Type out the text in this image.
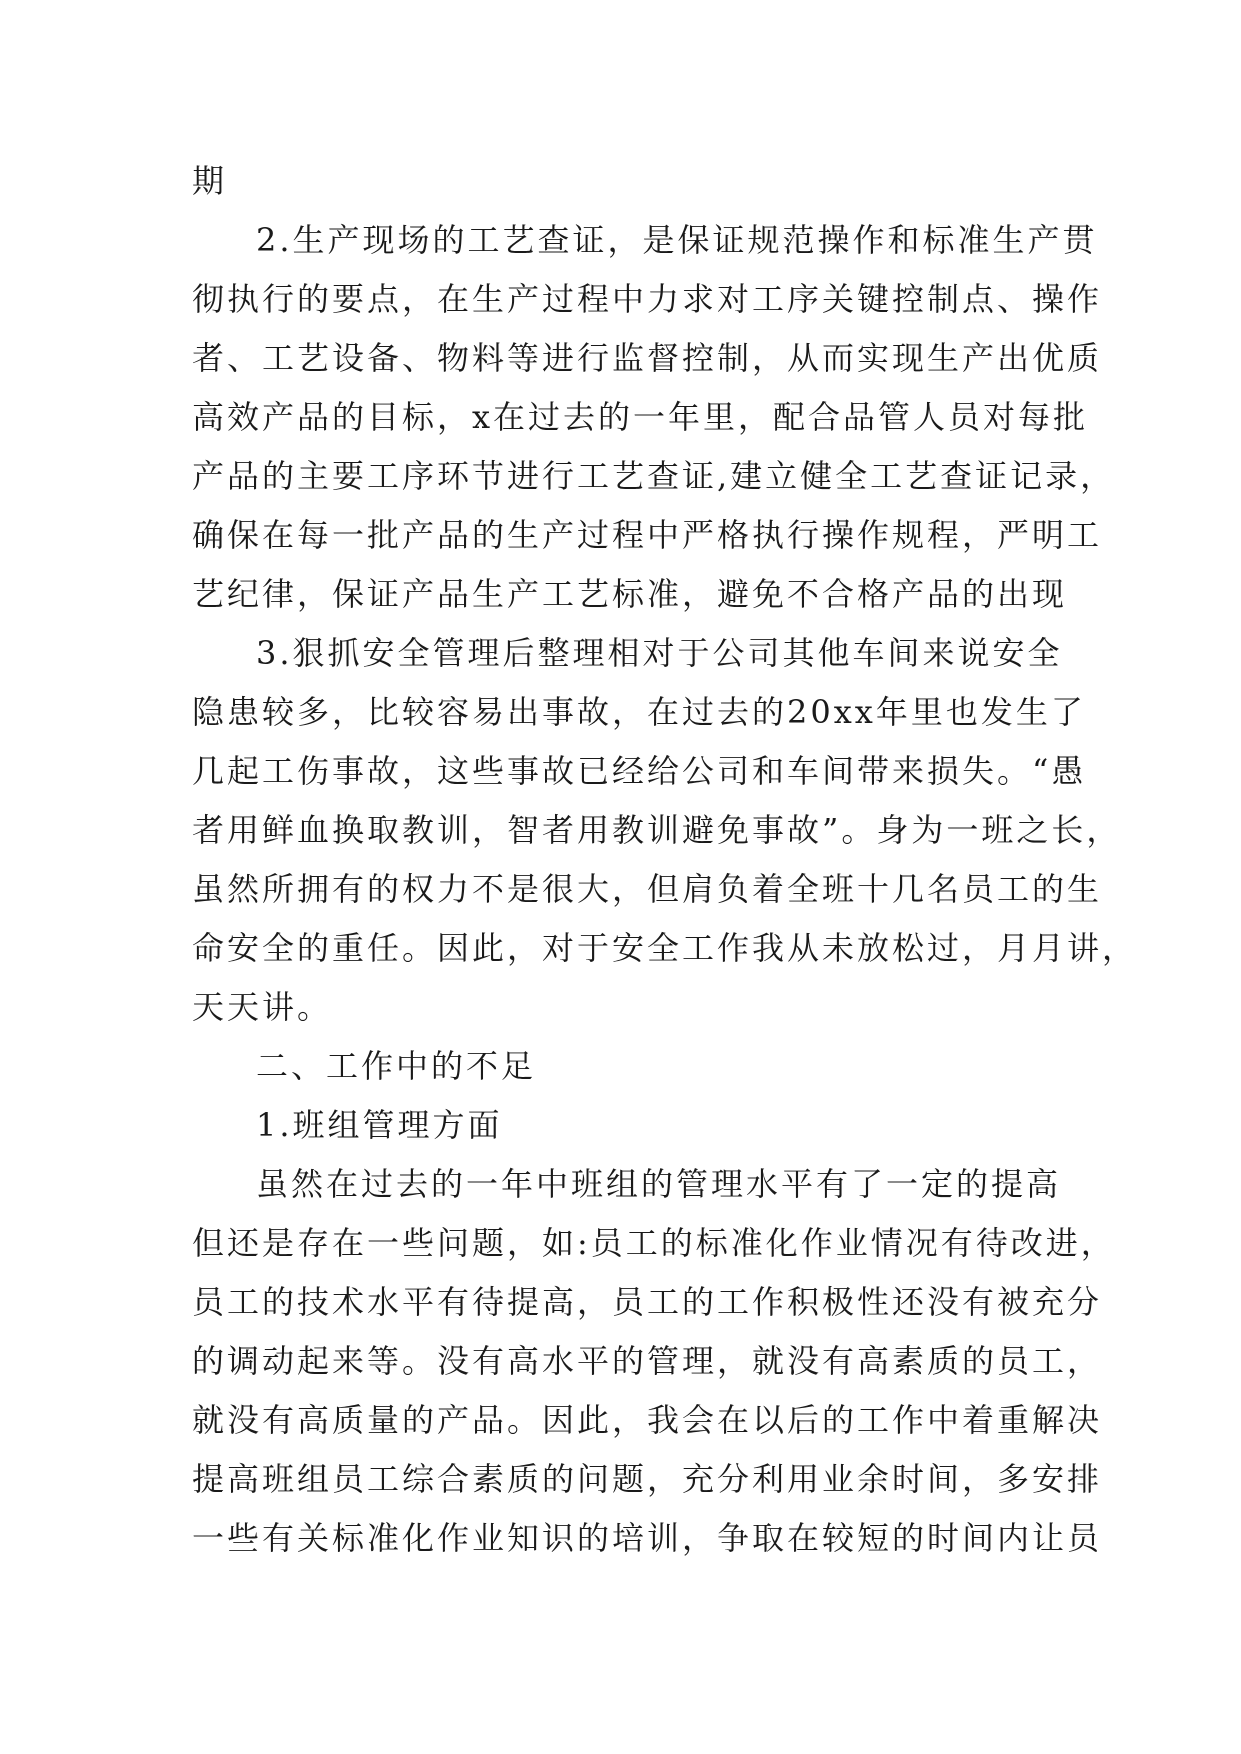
期
2.生产现场的工艺查证，是保证规范操作和标准生产贯
彻执行的要点，在生产过程中力求对工序关键控制点、操作
者、工艺设备、物料等进行监督控制，从而实现生产出优质
高效产品的目标，x在过去的一年里，配合品管人员对每批
产品的主要工序环节进行工艺查证,建立健全工艺查证记录，
确保在每一批产品的生产过程中严格执行操作规程，严明工
艺纪律，保证产品生产工艺标准，避免不合格产品的出现
3.狠抓安全管理后整理相对于公司其他车间来说安全
隐患较多，比较容易出事故，在过去的20xx年里也发生了
几起工伤事故，这些事故已经给公司和车间带来损失。“愚
者用鲜血换取教训，智者用教训避免事故”。身为一班之长，
虽然所拥有的权力不是很大，但肩负着全班十几名员工的生
命安全的重任。因此，对于安全工作我从未放松过，月月讲，
天天讲。
二、工作中的不足
1.班组管理方面
虽然在过去的一年中班组的管理水平有了一定的提高
但还是存在一些问题，如:员工的标准化作业情况有待改进，
员工的技术水平有待提高，员工的工作积极性还没有被充分
的调动起来等。没有高水平的管理，就没有高素质的员工，
就没有高质量的产品。因此，我会在以后的工作中着重解决
提高班组员工综合素质的问题，充分利用业余时间，多安排
一些有关标准化作业知识的培训，争取在较短的时间内让员
